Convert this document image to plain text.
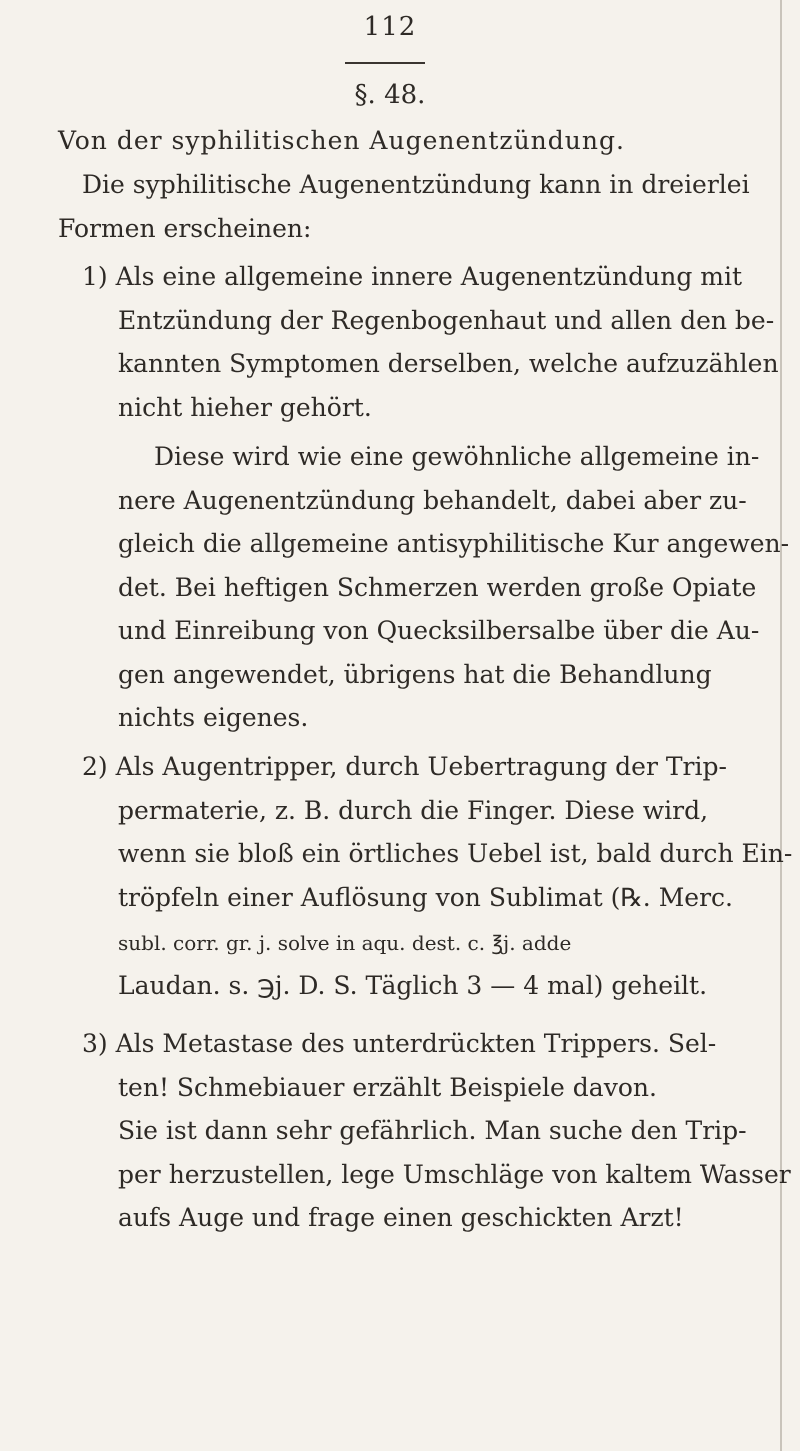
112
§. 48.
Von der syphilitischen Augenentzündung.
Die syphilitische Augenentzündung kann in dreierlei
Formen erscheinen:
1) Als eine allgemeine innere Augenentzündung mit
Entzündung der Regenbogenhaut und allen den be-
kannten Symptomen derselben, welche aufzuzählen
nicht hieher gehört.
Diese wird wie eine gewöhnliche allgemeine in-
nere Augenentzündung behandelt, dabei aber zu-
gleich die allgemeine antisyphilitische Kur angewen-
det. Bei heftigen Schmerzen werden große Opiate
und Einreibung von Quecksilbersalbe über die Au-
gen angewendet, übrigens hat die Behandlung
nichts eigenes.
2) Als Augentripper, durch Uebertragung der Trip-
permaterie, z. B. durch die Finger. Diese wird,
wenn sie bloß ein örtliches Uebel ist, bald durch Ein-
tröpfeln einer Auflösung von Sublimat (℞. Merc.
subl. corr. gr. j. solve in aqu. dest. c. ℥j. adde
Laudan. s. ℈j. D. S. Täglich 3 — 4 mal) geheilt.
3) Als Metastase des unterdrückten Trippers. Sel-
ten! Schmebiauer erzählt Beispiele davon.
Sie ist dann sehr gefährlich. Man suche den Trip-
per herzustellen, lege Umschläge von kaltem Wasser
aufs Auge und frage einen geschickten Arzt!
